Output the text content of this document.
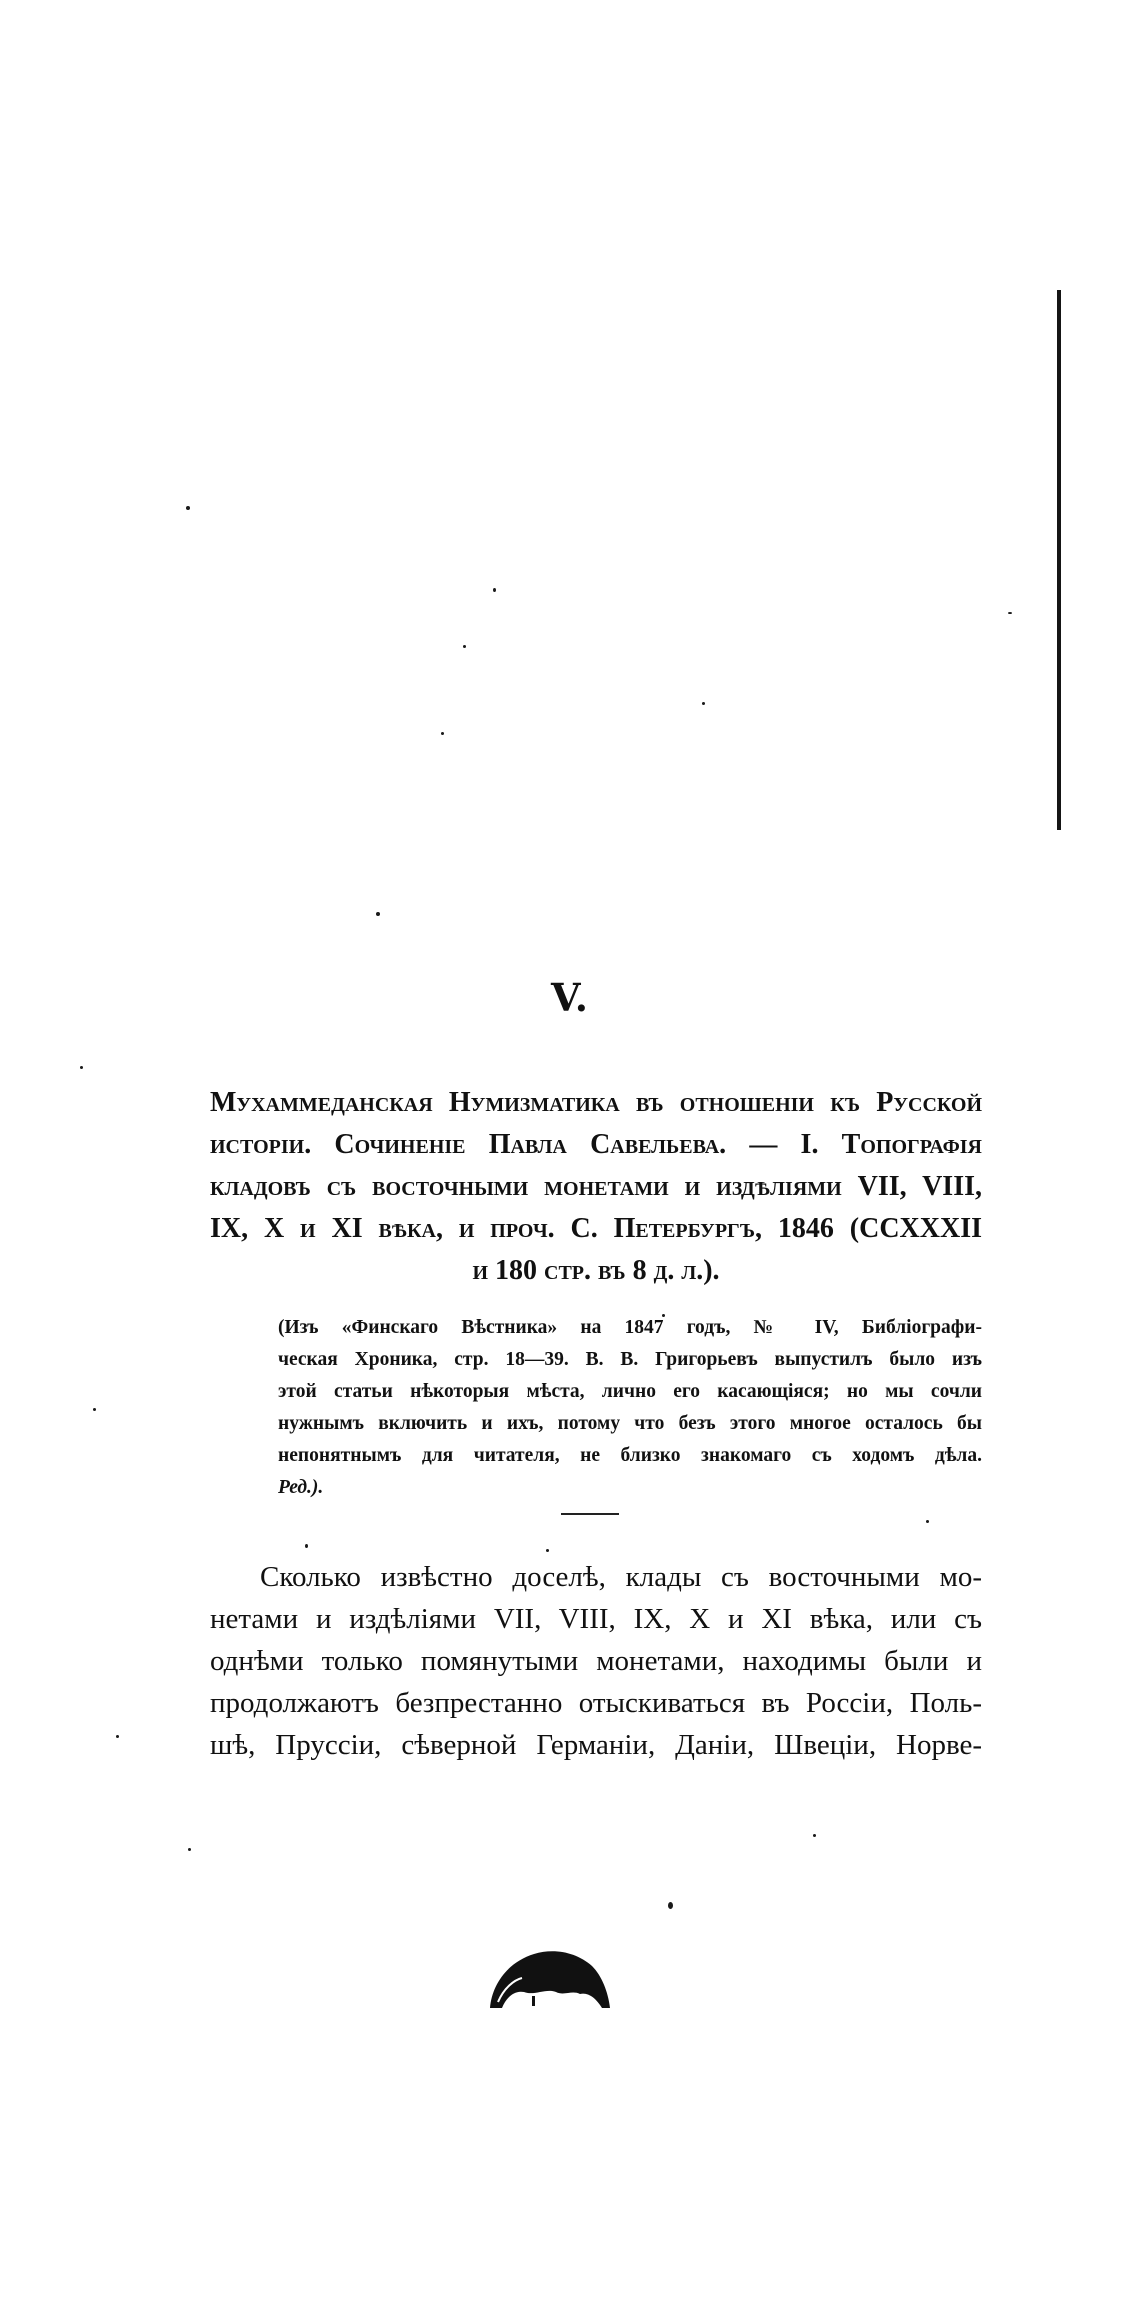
V.
Мухаммеданская Нумизматика въ отношенiи къ Русской
исторiи. Сочиненiе Павла Савельева. — I. Топографiя
кладовъ съ восточными монетами и издѣлiями VII, VIII,
IX, X и XI вѣка, и проч. С. Петербургъ, 1846 (CCXXXII
и 180 стр. въ 8 д. л.).
(Изъ «Финскаго Вѣстника» на 1847 годъ, № IV, Библiографи-
ческая Хроника, стр. 18—39. В. В. Григорьевъ выпустилъ было изъ
этой статьи нѣкоторыя мѣста, лично его касающiяся; но мы сочли
нужнымъ включить и ихъ, потому что безъ этого многое осталось бы
непонятнымъ для читателя, не близко знакомаго съ ходомъ дѣла.
Ред.).
Сколько извѣстно доселѣ, клады съ восточными мо-
нетами и издѣлiями VII, VIII, IX, X и XI вѣка, или съ
однѣми только помянутыми монетами, находимы были и
продолжаютъ безпрестанно отыскиваться въ Россiи, Поль-
шѣ, Пруссiи, сѣверной Германiи, Данiи, Швецiи, Норве-
